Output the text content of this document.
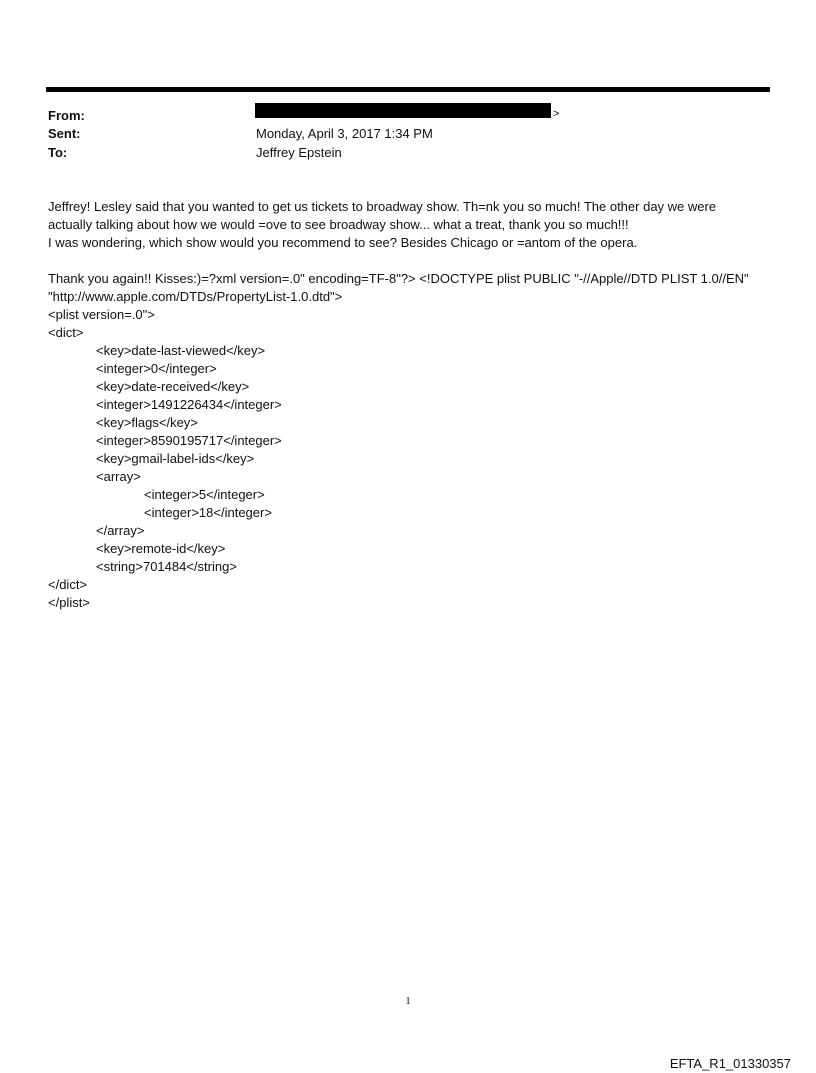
From:	>
Sent:	Monday, April 3, 2017 1:34 PM
To:	Jeffrey Epstein
Jeffrey! Lesley said that you wanted to get us tickets to broadway show. Th=nk you so much! The other day we were
actually talking about how we would =ove to see broadway show... what a treat, thank you so much!!!
I was wondering, which show would you recommend to see? Besides Chicago or =antom of the opera.
Thank you again!! Kisses:)=?xml version=.0" encoding=TF-8"?> <!DOCTYPE plist PUBLIC "-//Apple//DTD PLIST 1.0//EN"
"http://www.apple.com/DTDs/PropertyList-1.0.dtd">
<plist version=.0">
<dict>
<key>date-last-viewed</key>
<integer>0</integer>
<key>date-received</key>
<integer>1491226434</integer>
<key>flags</key>
<integer>8590195717</integer>
<key>gmail-label-ids</key>
<array>
<integer>5</integer>
<integer>18</integer>
</array>
<key>remote-id</key>
<string>701484</string>
</dict>
</plist>
1
EFTA_R1_01330357
